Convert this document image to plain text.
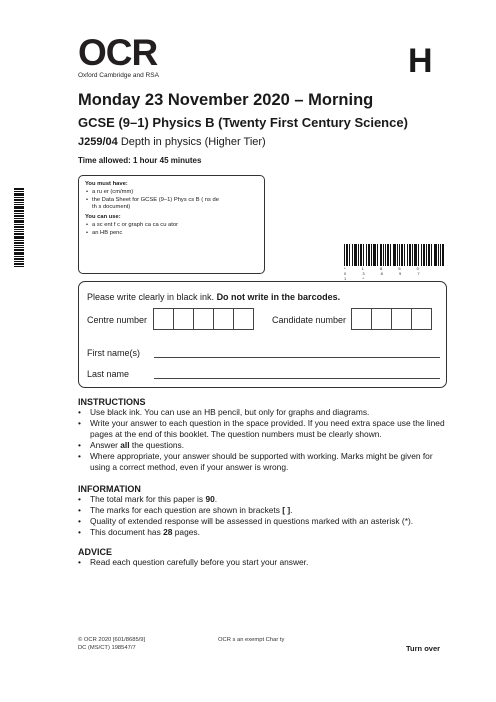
OCR
Oxford Cambridge and RSA	H
Monday 23 November 2020 – Morning
GCSE (9–1) Physics B (Twenty First Century Science)
J259/04 Depth in physics (Higher Tier)
Time allowed: 1 hour 45 minutes
You must have:
• a ru er (cm/mm)
• the Data Sheet for GCSE (9–1) Phys cs B ( ns de
th s document)
You can use:
• a sc ent f c or graph ca ca cu ator
• an HB penc
* 1 8 5 0 0 3 8 9 7 1 *
Please write clearly in black ink. Do not write in the barcodes.
Centre number	Candidate number
First name(s)
Last name
INSTRUCTIONS
• Use black ink. You can use an HB pencil, but only for graphs and diagrams.
• Write your answer to each question in the space provided. If you need extra space use the lined pages at the end of this booklet. The question numbers must be clearly shown.
• Answer all the questions.
• Where appropriate, your answer should be supported with working. Marks might be given for using a correct method, even if your answer is wrong.
INFORMATION
• The total mark for this paper is 90.
• The marks for each question are shown in brackets [ ].
• Quality of extended response will be assessed in questions marked with an asterisk (*).
• This document has 28 pages.
ADVICE
• Read each question carefully before you start your answer.
© OCR 2020 [601/8685/9]
DC (MS/CT) 198547/7
OCR s an exempt Char ty
Turn over
